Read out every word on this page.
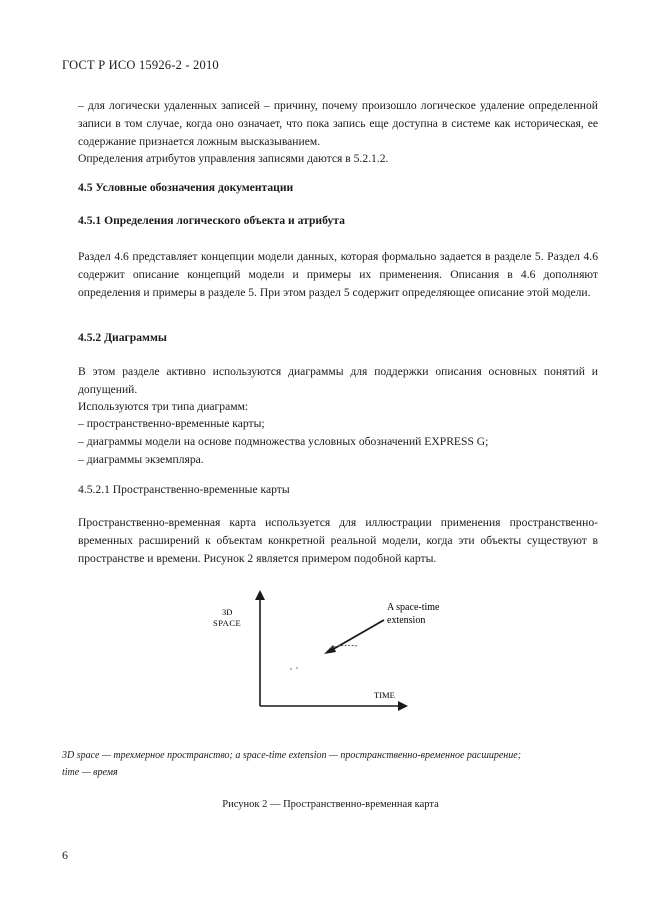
ГОСТ Р ИСО 15926-2 - 2010
– для логически удаленных записей – причину, почему произошло логическое удаление определенной записи в том случае, когда оно означает, что пока запись еще доступна в системе как историческая, ее содержание признается ложным высказыванием.
Определения атрибутов управления записями даются в 5.2.1.2.
4.5 Условные обозначения документации
4.5.1 Определения логического объекта и атрибута
Раздел 4.6 представляет концепции модели данных, которая формально задается в разделе 5. Раздел 4.6 содержит описание концепций модели и примеры их применения. Описания в 4.6 дополняют определения и примеры в разделе 5. При этом раздел 5 содержит определяющее описание этой модели.
4.5.2 Диаграммы
В этом разделе активно используются диаграммы для поддержки описания основных понятий и допущений.
Используются три типа диаграмм:
– пространственно-временные карты;
– диаграммы модели на основе подмножества условных обозначений EXPRESS G;
– диаграммы экземпляра.
4.5.2.1 Пространственно-временные карты
Пространственно-временная карта используется для иллюстрации применения пространственно-временных расширений к объектам конкретной реальной модели, когда эти объекты существуют в пространстве и времени. Рисунок 2 является примером подобной карты.
3D
SPACE
TIME
A space-time
extension
3D space — трехмерное пространство; a space-time extension — пространственно-временное расширение;
time — время
Рисунок 2 — Пространственно-временная карта
6
